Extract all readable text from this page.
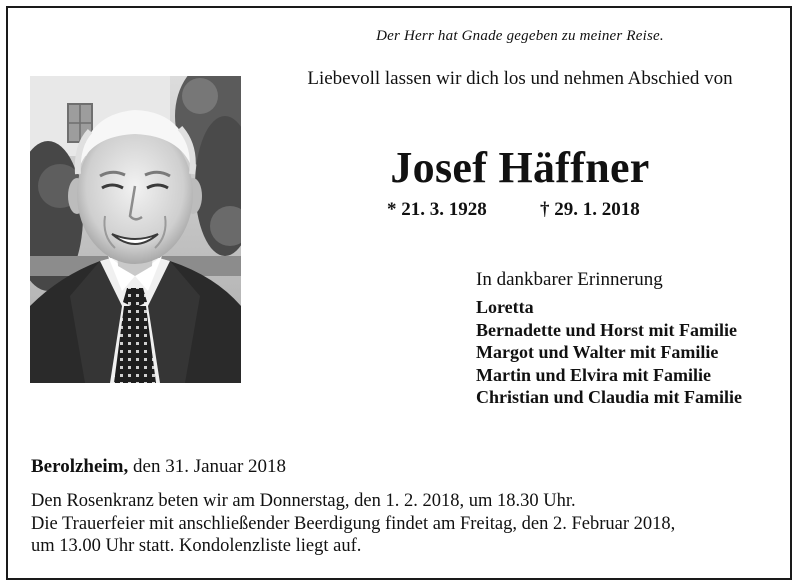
Der Herr hat Gnade gegeben zu meiner Reise.
Liebevoll lassen wir dich los und nehmen Abschied von
Josef Häffner
* 21. 3. 1928	† 29. 1. 2018
In dankbarer Erinnerung
Loretta
Bernadette und Horst mit Familie
Margot und Walter mit Familie
Martin und Elvira mit Familie
Christian und Claudia mit Familie
Berolzheim, den 31. Januar 2018
Den Rosenkranz beten wir am Donnerstag, den 1. 2. 2018, um 18.30 Uhr.
Die Trauerfeier mit anschließender Beerdigung findet am Freitag, den 2. Februar 2018,
um 13.00 Uhr statt. Kondolenzliste liegt auf.
